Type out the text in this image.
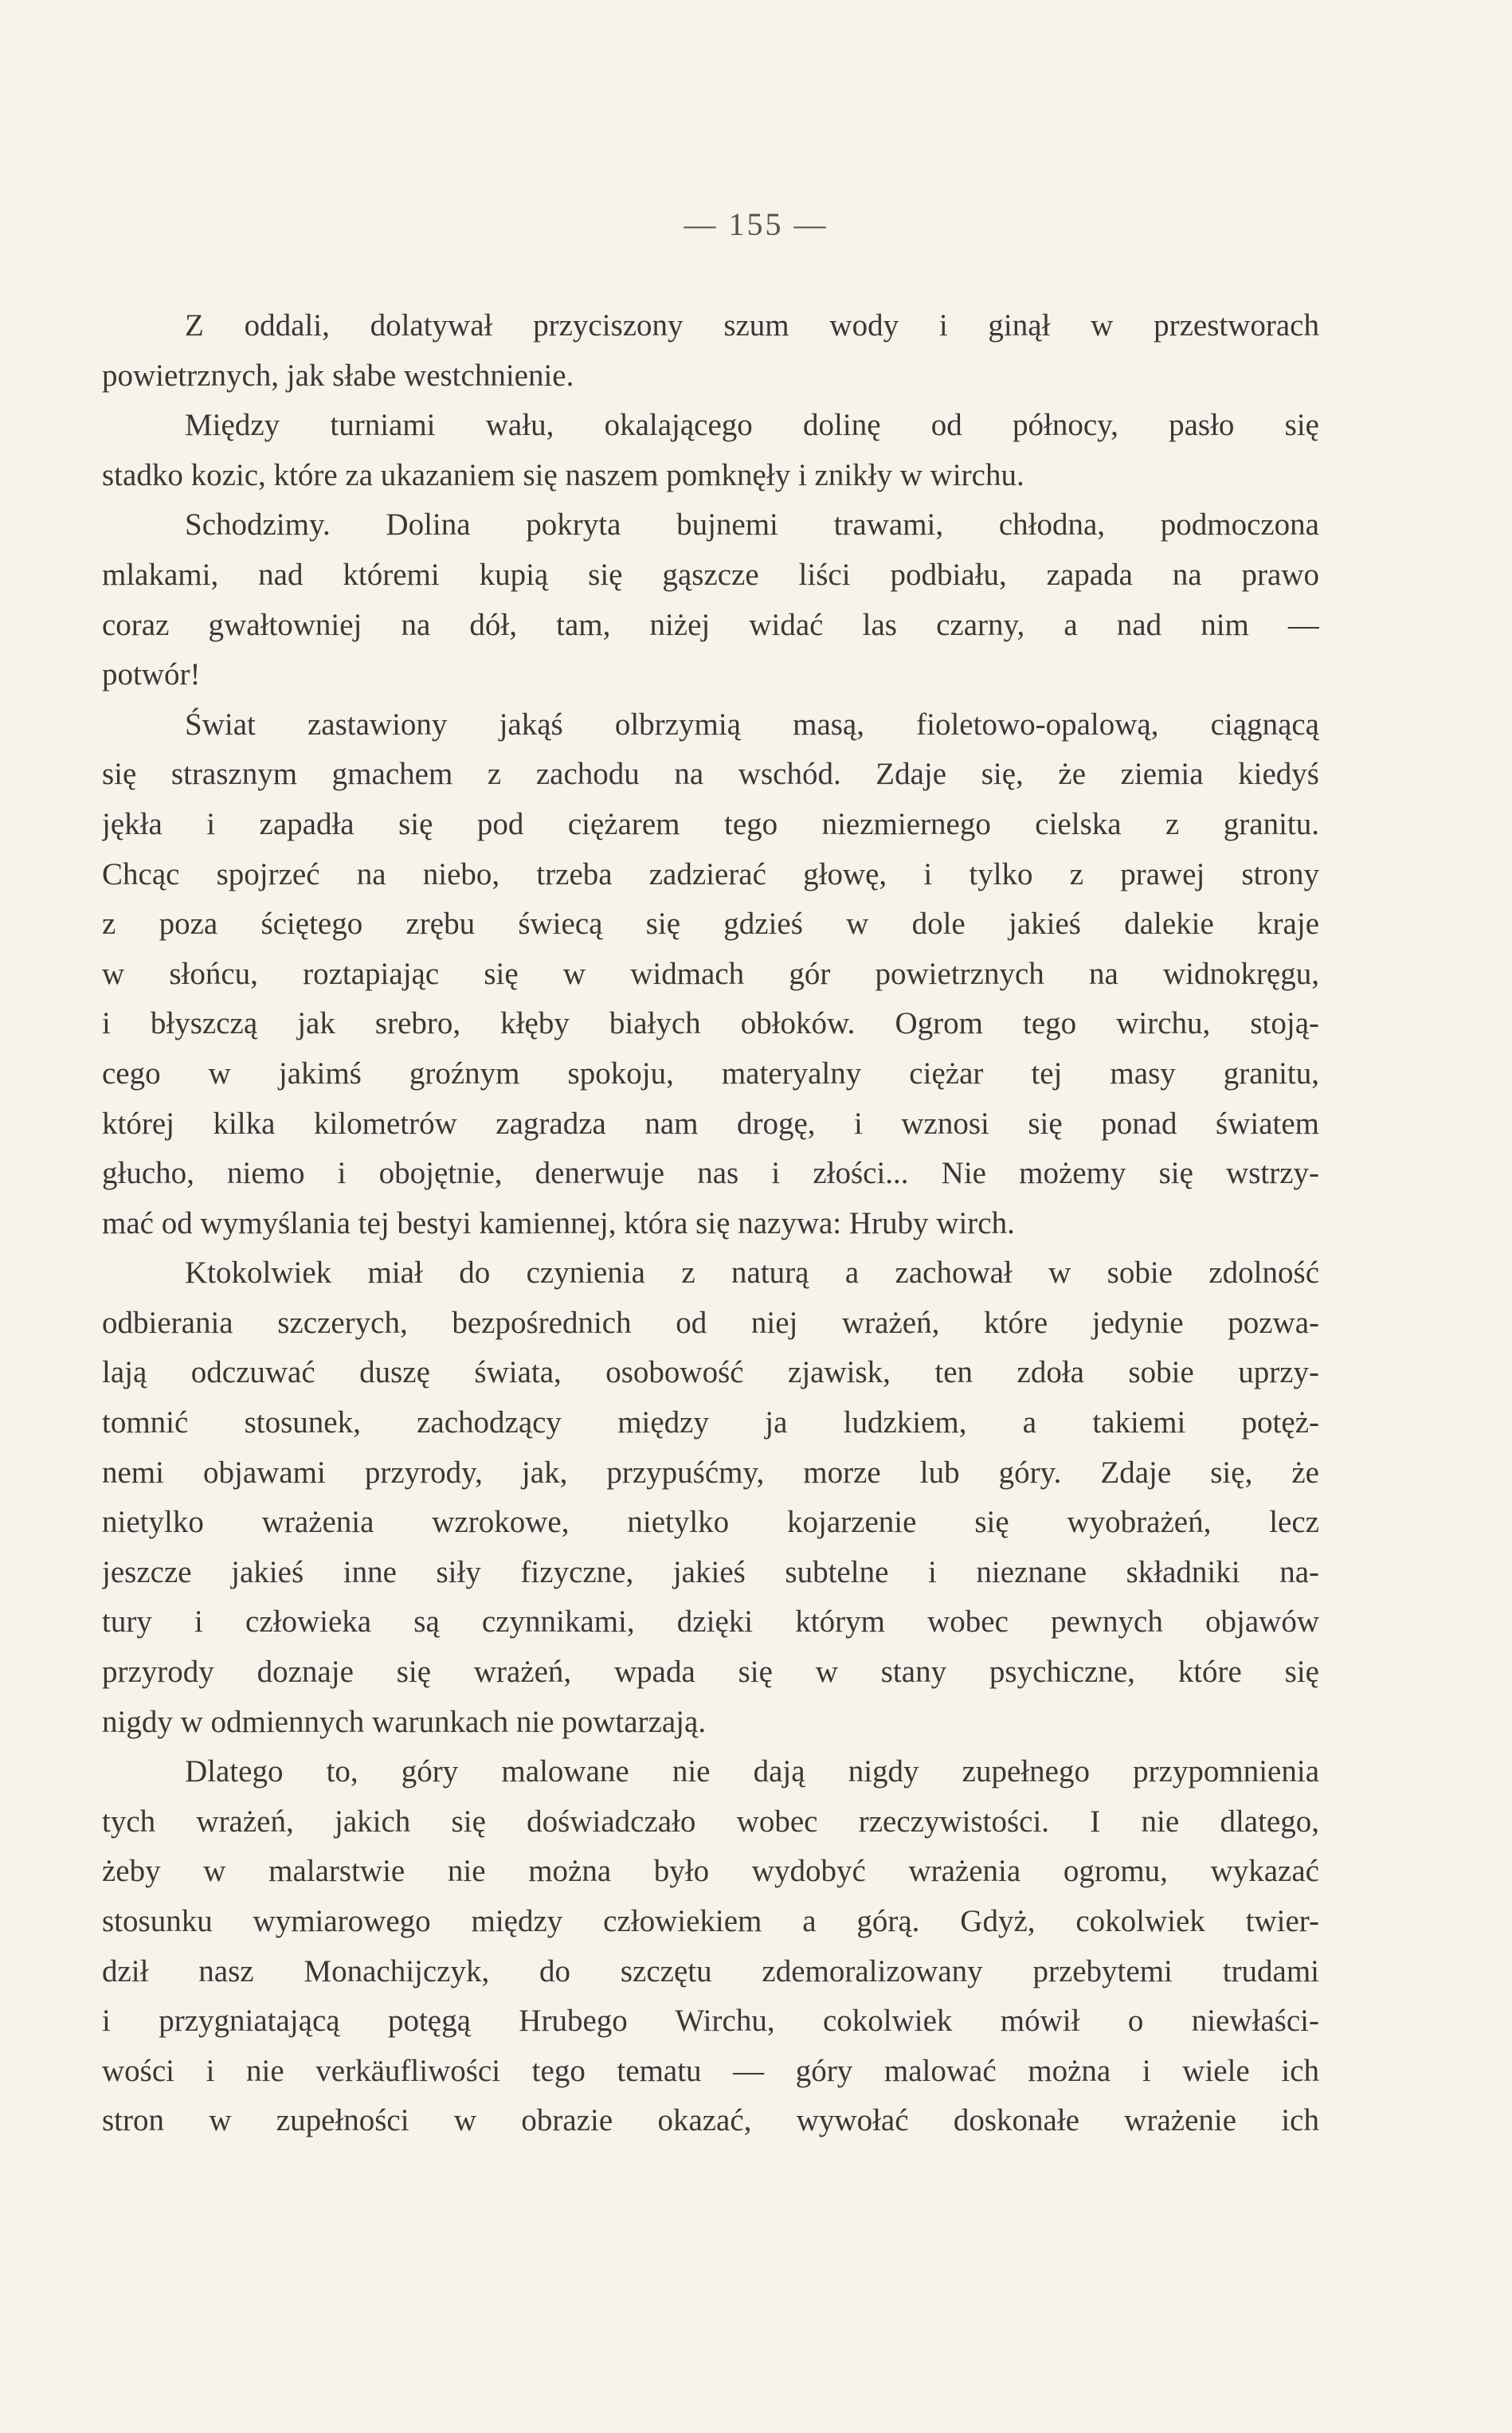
— 155 —
Z oddali, dolatywał przyciszony szum wody i ginął w przestworach
powietrznych, jak słabe westchnienie.
Między turniami wału, okalającego dolinę od północy, pasło się
stadko kozic, które za ukazaniem się naszem pomknęły i znikły w wirchu.
Schodzimy. Dolina pokryta bujnemi trawami, chłodna, podmoczona
mlakami, nad któremi kupią się gąszcze liści podbiału, zapada na prawo
coraz gwałtowniej na dół, tam, niżej widać las czarny, a nad nim —
potwór!
Świat zastawiony jakąś olbrzymią masą, fioletowo-opalową, ciągnącą
się strasznym gmachem z zachodu na wschód. Zdaje się, że ziemia kiedyś
jękła i zapadła się pod ciężarem tego niezmiernego cielska z granitu.
Chcąc spojrzeć na niebo, trzeba zadzierać głowę, i tylko z prawej strony
z poza ściętego zrębu świecą się gdzieś w dole jakieś dalekie kraje
w słońcu, roztapiając się w widmach gór powietrznych na widnokręgu,
i błyszczą jak srebro, kłęby białych obłoków. Ogrom tego wirchu, stoją-
cego w jakimś groźnym spokoju, materyalny ciężar tej masy granitu,
której kilka kilometrów zagradza nam drogę, i wznosi się ponad światem
głucho, niemo i obojętnie, denerwuje nas i złości... Nie możemy się wstrzy-
mać od wymyślania tej bestyi kamiennej, która się nazywa: Hruby wirch.
Ktokolwiek miał do czynienia z naturą a zachował w sobie zdolność
odbierania szczerych, bezpośrednich od niej wrażeń, które jedynie pozwa-
lają odczuwać duszę świata, osobowość zjawisk, ten zdoła sobie uprzy-
tomnić stosunek, zachodzący między ja ludzkiem, a takiemi potęż-
nemi objawami przyrody, jak, przypuśćmy, morze lub góry. Zdaje się, że
nietylko wrażenia wzrokowe, nietylko kojarzenie się wyobrażeń, lecz
jeszcze jakieś inne siły fizyczne, jakieś subtelne i nieznane składniki na-
tury i człowieka są czynnikami, dzięki którym wobec pewnych objawów
przyrody doznaje się wrażeń, wpada się w stany psychiczne, które się
nigdy w odmiennych warunkach nie powtarzają.
Dlatego to, góry malowane nie dają nigdy zupełnego przypomnienia
tych wrażeń, jakich się doświadczało wobec rzeczywistości. I nie dlatego,
żeby w malarstwie nie można było wydobyć wrażenia ogromu, wykazać
stosunku wymiarowego między człowiekiem a górą. Gdyż, cokolwiek twier-
dził nasz Monachijczyk, do szczętu zdemoralizowany przebytemi trudami
i przygniatającą potęgą Hrubego Wirchu, cokolwiek mówił o niewłaści-
wości i nie verkäufliwości tego tematu — góry malować można i wiele ich
stron w zupełności w obrazie okazać, wywołać doskonałe wrażenie ich
